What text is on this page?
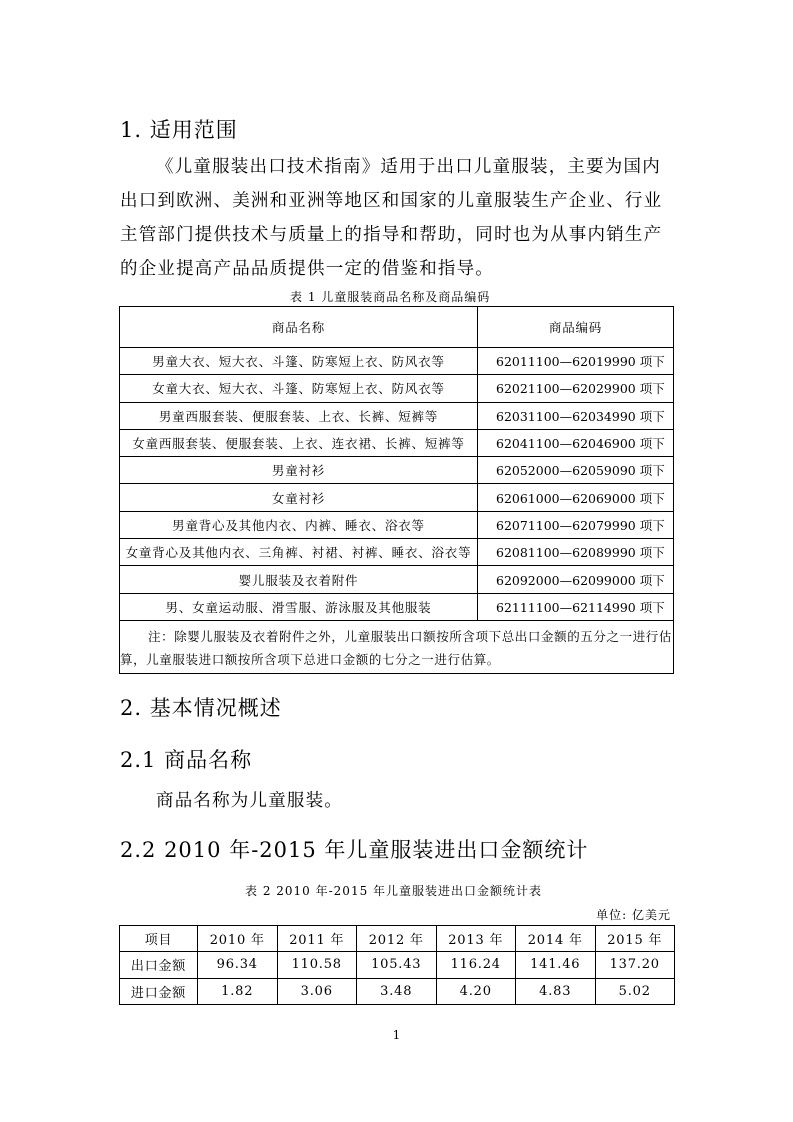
1. 适用范围

《儿童服装出口技术指南》适用于出口儿童服装，主要为国内出口到欧洲、美洲和亚洲等地区和国家的儿童服装生产企业、行业主管部门提供技术与质量上的指导和帮助，同时也为从事内销生产的企业提高产品品质提供一定的借鉴和指导。

表 1 儿童服装商品名称及商品编码
商品名称	商品编码
男童大衣、短大衣、斗篷、防寒短上衣、防风衣等	62011100—62019990 项下
女童大衣、短大衣、斗篷、防寒短上衣、防风衣等	62021100—62029900 项下
男童西服套装、便服套装、上衣、长裤、短裤等	62031100—62034990 项下
女童西服套装、便服套装、上衣、连衣裙、长裤、短裤等	62041100—62046900 项下
男童衬衫	62052000—62059090 项下
女童衬衫	62061000—62069000 项下
男童背心及其他内衣、内裤、睡衣、浴衣等	62071100—62079990 项下
女童背心及其他内衣、三角裤、衬裙、衬裤、睡衣、浴衣等	62081100—62089990 项下
婴儿服装及衣着附件	62092000—62099000 项下
男、女童运动服、滑雪服、游泳服及其他服装	62111100—62114990 项下
注：除婴儿服装及衣着附件之外，儿童服装出口额按所含项下总出口金额的五分之一进行估算，儿童服装进口额按所含项下总进口金额的七分之一进行估算。	
2. 基本情况概述
2.1 商品名称
商品名称为儿童服装。
2.2 2010 年-2015 年儿童服装进出口金额统计
表 2 2010 年-2015 年儿童服装进出口金额统计表
单位: 亿美元
项目	2010 年	2011 年	2012 年	2013 年	2014 年	2015 年
出口金额	96.34	110.58	105.43	116.24	141.46	137.20
进口金额	1.82	3.06	3.48	4.20	4.83	5.02
1
